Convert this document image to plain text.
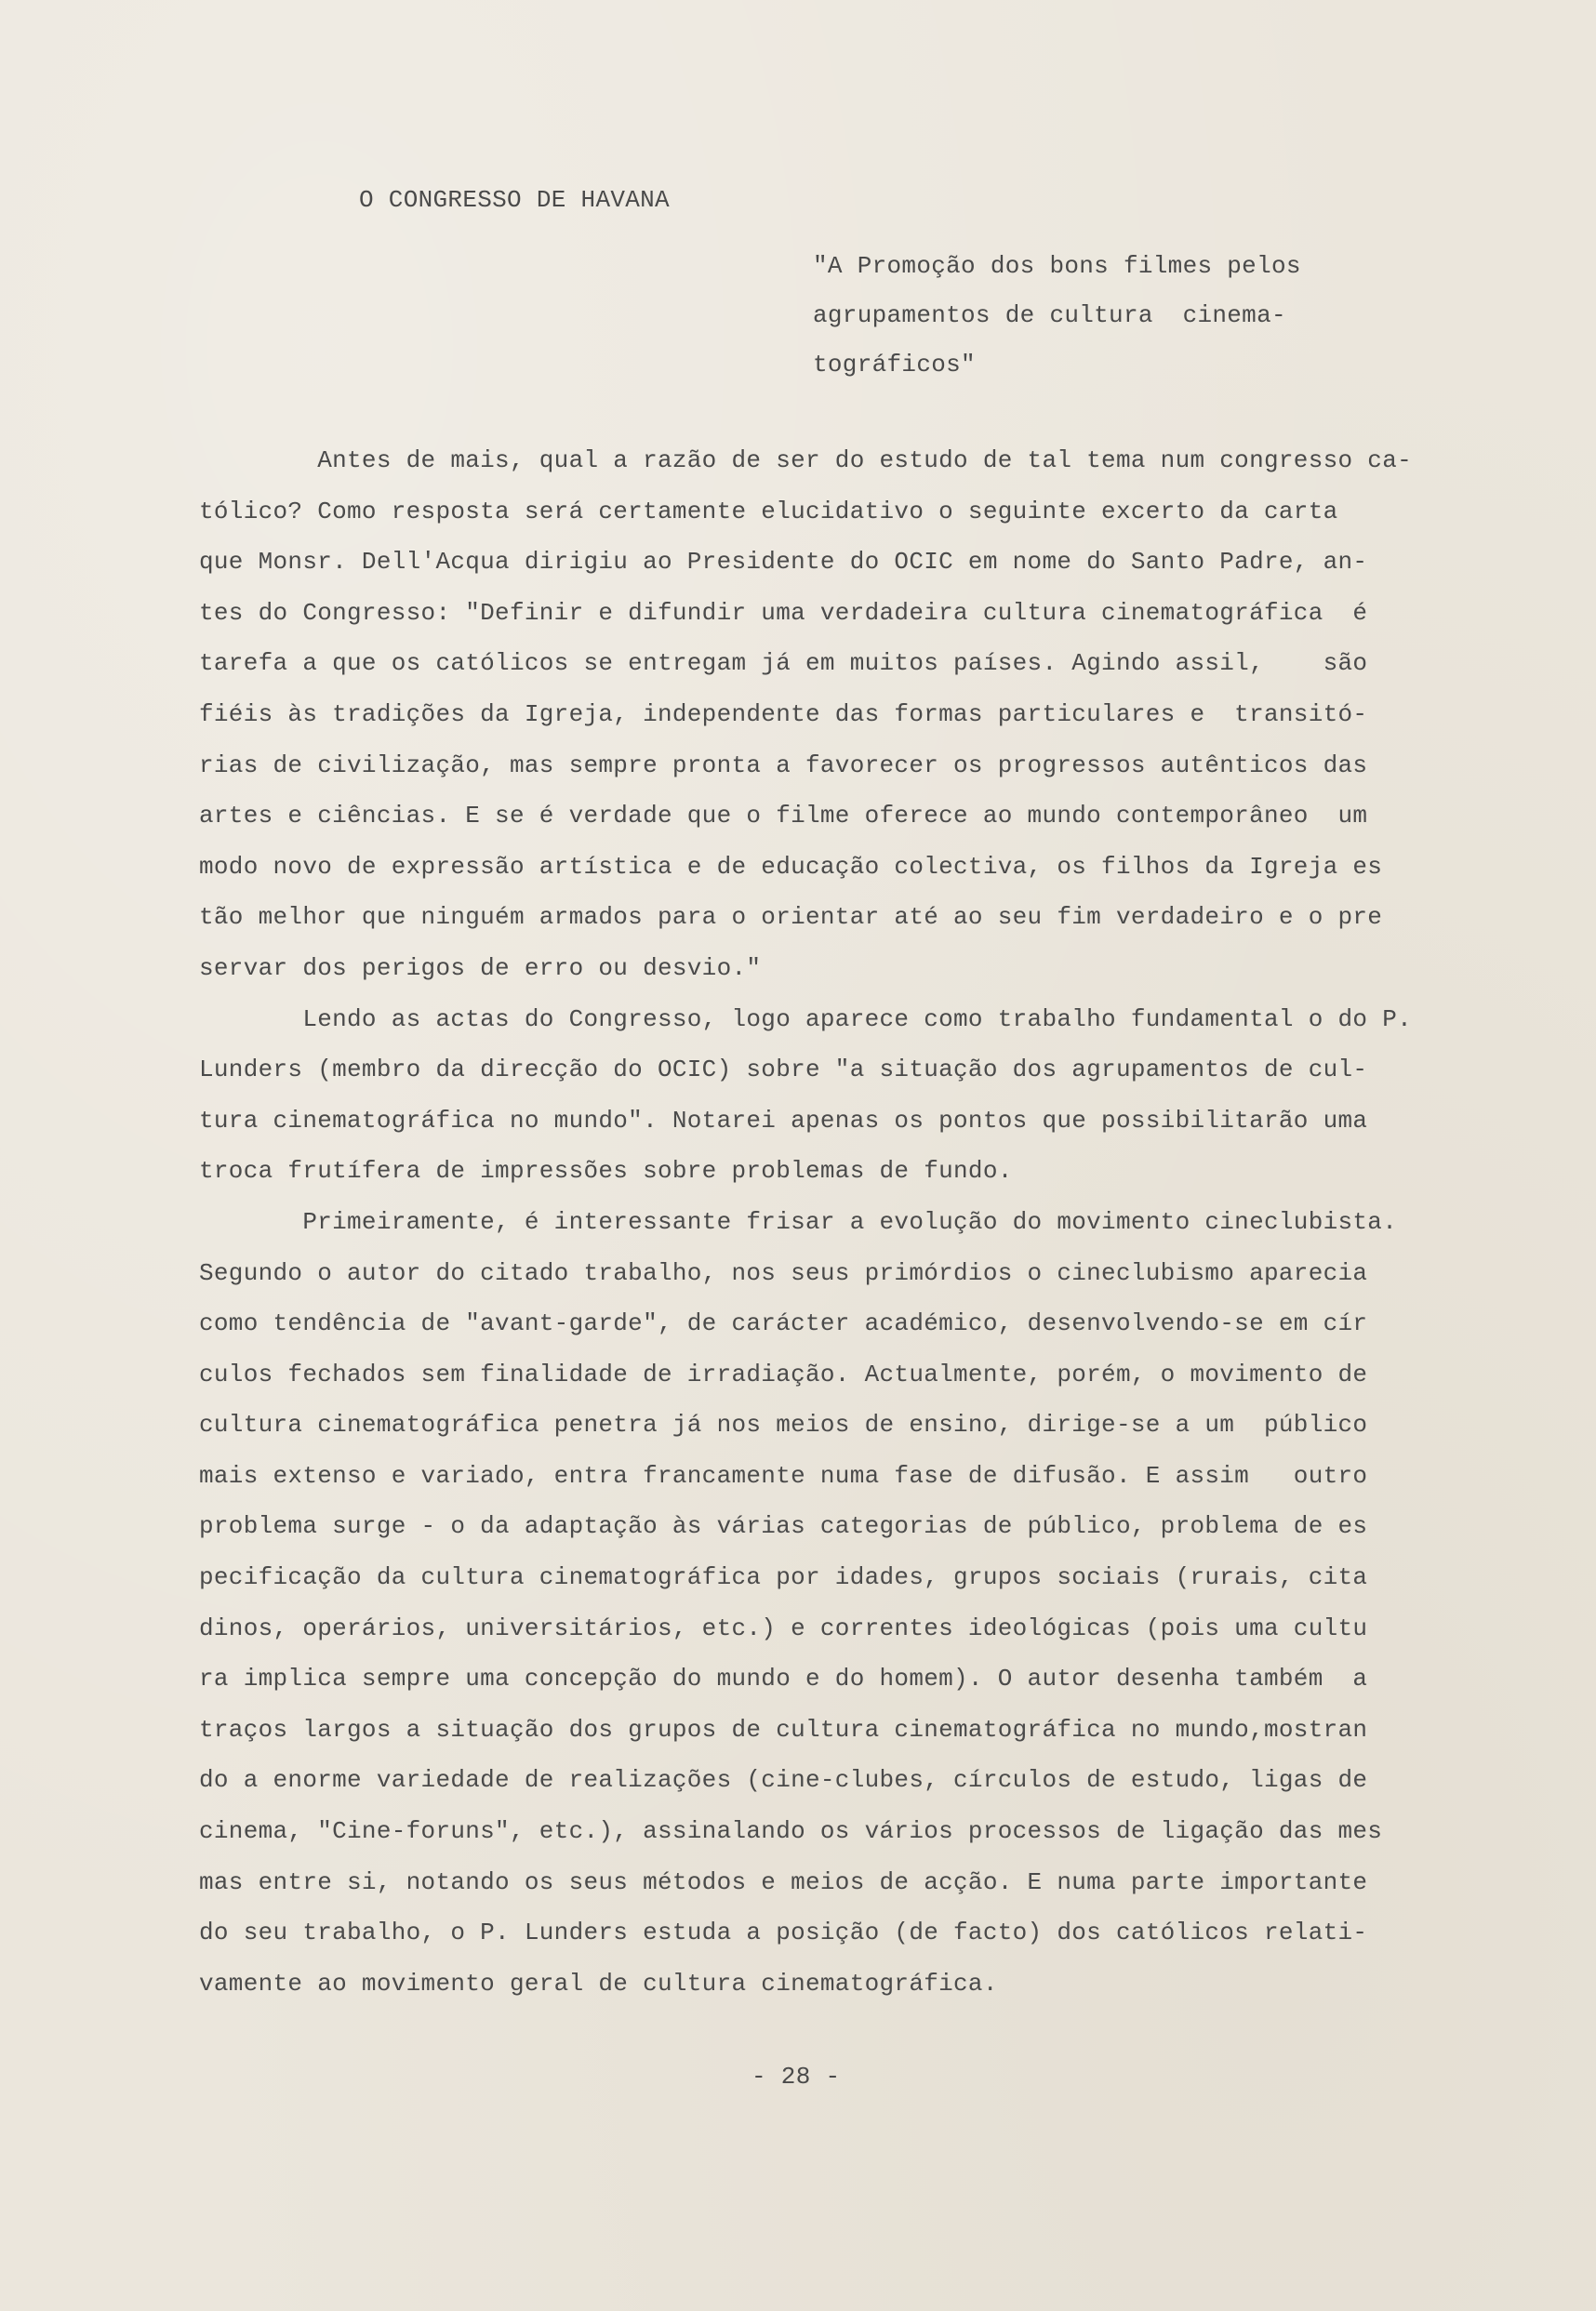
O CONGRESSO DE HAVANA
"A Promoção dos bons filmes pelos
agrupamentos de cultura  cinema-
tográficos"
Antes de mais, qual a razão de ser do estudo de tal tema num congresso ca-
tólico? Como resposta será certamente elucidativo o seguinte excerto da carta
que Monsr. Dell'Acqua dirigiu ao Presidente do OCIC em nome do Santo Padre, an-
tes do Congresso: "Definir e difundir uma verdadeira cultura cinematográfica  é
tarefa a que os católicos se entregam já em muitos países. Agindo assil,    são
fiéis às tradições da Igreja, independente das formas particulares e  transitó-
rias de civilização, mas sempre pronta a favorecer os progressos autênticos das
artes e ciências. E se é verdade que o filme oferece ao mundo contemporâneo  um
modo novo de expressão artística e de educação colectiva, os filhos da Igreja es
tão melhor que ninguém armados para o orientar até ao seu fim verdadeiro e o pre
servar dos perigos de erro ou desvio."
Lendo as actas do Congresso, logo aparece como trabalho fundamental o do P.
Lunders (membro da direcção do OCIC) sobre "a situação dos agrupamentos de cul-
tura cinematográfica no mundo". Notarei apenas os pontos que possibilitarão uma
troca frutífera de impressões sobre problemas de fundo.
Primeiramente, é interessante frisar a evolução do movimento cineclubista.
Segundo o autor do citado trabalho, nos seus primórdios o cineclubismo aparecia
como tendência de "avant-garde", de carácter académico, desenvolvendo-se em cír
culos fechados sem finalidade de irradiação. Actualmente, porém, o movimento de
cultura cinematográfica penetra já nos meios de ensino, dirige-se a um  público
mais extenso e variado, entra francamente numa fase de difusão. E assim   outro
problema surge - o da adaptação às várias categorias de público, problema de es
pecificação da cultura cinematográfica por idades, grupos sociais (rurais, cita
dinos, operários, universitários, etc.) e correntes ideológicas (pois uma cultu
ra implica sempre uma concepção do mundo e do homem). O autor desenha também  a
traços largos a situação dos grupos de cultura cinematográfica no mundo,mostran
do a enorme variedade de realizações (cine-clubes, círculos de estudo, ligas de
cinema, "Cine-foruns", etc.), assinalando os vários processos de ligação das mes
mas entre si, notando os seus métodos e meios de acção. E numa parte importante
do seu trabalho, o P. Lunders estuda a posição (de facto) dos católicos relati-
vamente ao movimento geral de cultura cinematográfica.
- 28 -
